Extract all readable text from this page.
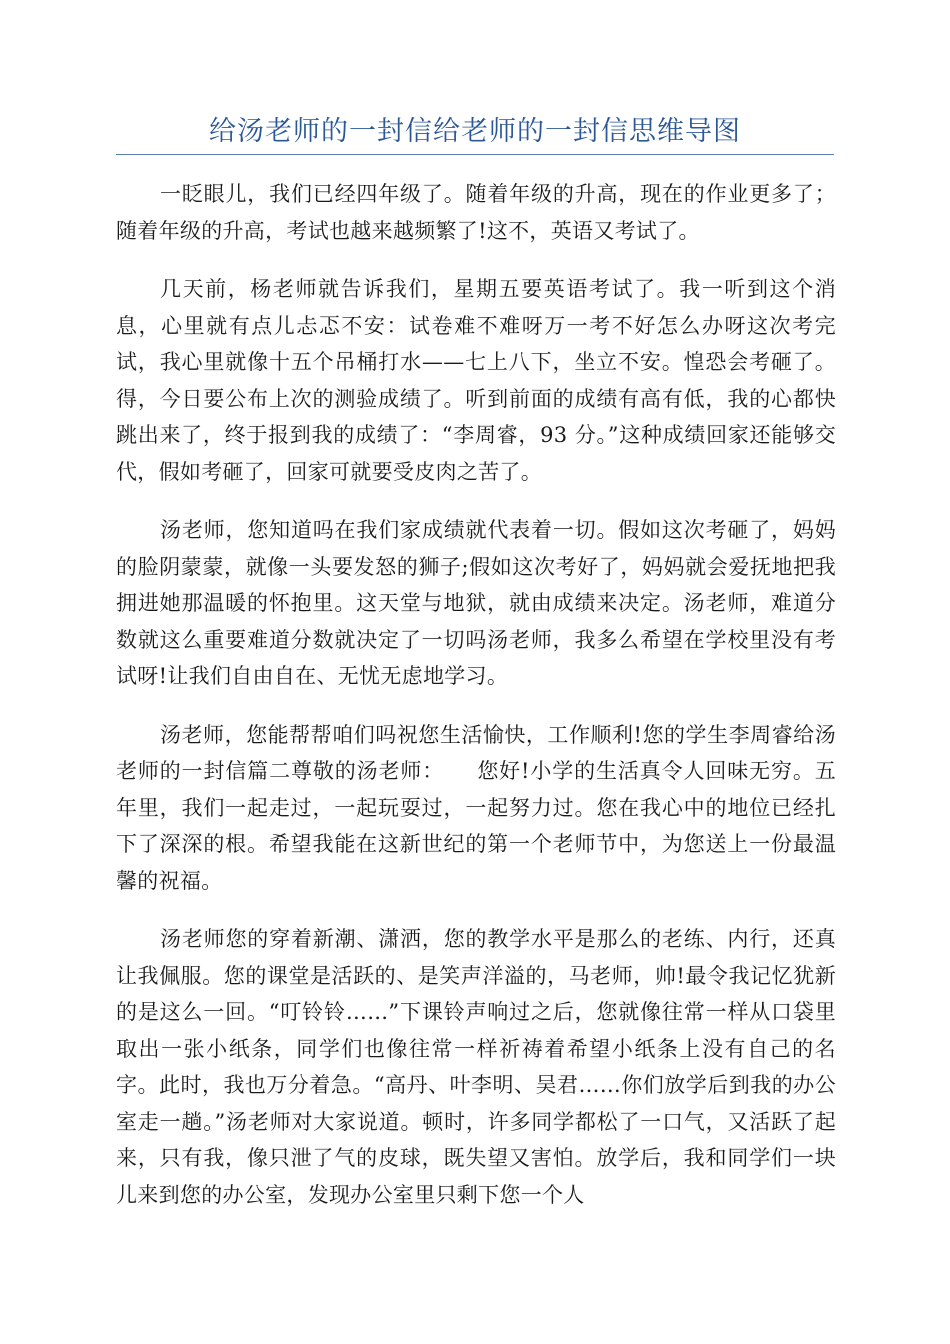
给汤老师的一封信给老师的一封信思维导图

一眨眼儿，我们已经四年级了。随着年级的升高，现在的作业更多了； 随着年级的升高，考试也越来越频繁了!这不，英语又考试了。

几天前，杨老师就告诉我们，星期五要英语考试了。我一听到这个消息，心里就有点儿忐忑不安：试卷难不难呀万一考不好怎么办呀这次考完试，我心里就像十五个吊桶打水——七上八下，坐立不安。惶恐会考砸了。得，今日要公布上次的测验成绩了。听到前面的成绩有高有低，我的心都快跳出来了，终于报到我的成绩了：“李周睿，93 分。”这种成绩回家还能够交代，假如考砸了，回家可就要受皮肉之苦了。

汤老师，您知道吗在我们家成绩就代表着一切。假如这次考砸了，妈妈的脸阴蒙蒙，就像一头要发怒的狮子;假如这次考好了，妈妈就会爱抚地把我拥进她那温暖的怀抱里。这天堂与地狱，就由成绩来决定。汤老师，难道分数就这么重要难道分数就决定了一切吗汤老师，我多么希望在学校里没有考试呀!让我们自由自在、无忧无虑地学习。

汤老师，您能帮帮咱们吗祝您生活愉快，工作顺利!您的学生李周睿给汤老师的一封信篇二尊敬的汤老师：　　您好!小学的生活真令人回味无穷。五年里，我们一起走过，一起玩耍过，一起努力过。您在我心中的地位已经扎下了深深的根。希望我能在这新世纪的第一个老师节中，为您送上一份最温馨的祝福。

汤老师您的穿着新潮、潇洒，您的教学水平是那么的老练、内行，还真让我佩服。您的课堂是活跃的、是笑声洋溢的，马老师，帅!最令我记忆犹新的是这么一回。“叮铃铃……”下课铃声响过之后，您就像往常一样从口袋里取出一张小纸条，同学们也像往常一样祈祷着希望小纸条上没有自己的名字。此时，我也万分着急。“高丹、叶李明、吴君……你们放学后到我的办公室走一趟。”汤老师对大家说道。顿时，许多同学都松了一口气，又活跃了起来，只有我，像只泄了气的皮球，既失望又害怕。放学后，我和同学们一块儿来到您的办公室，发现办公室里只剩下您一个人
